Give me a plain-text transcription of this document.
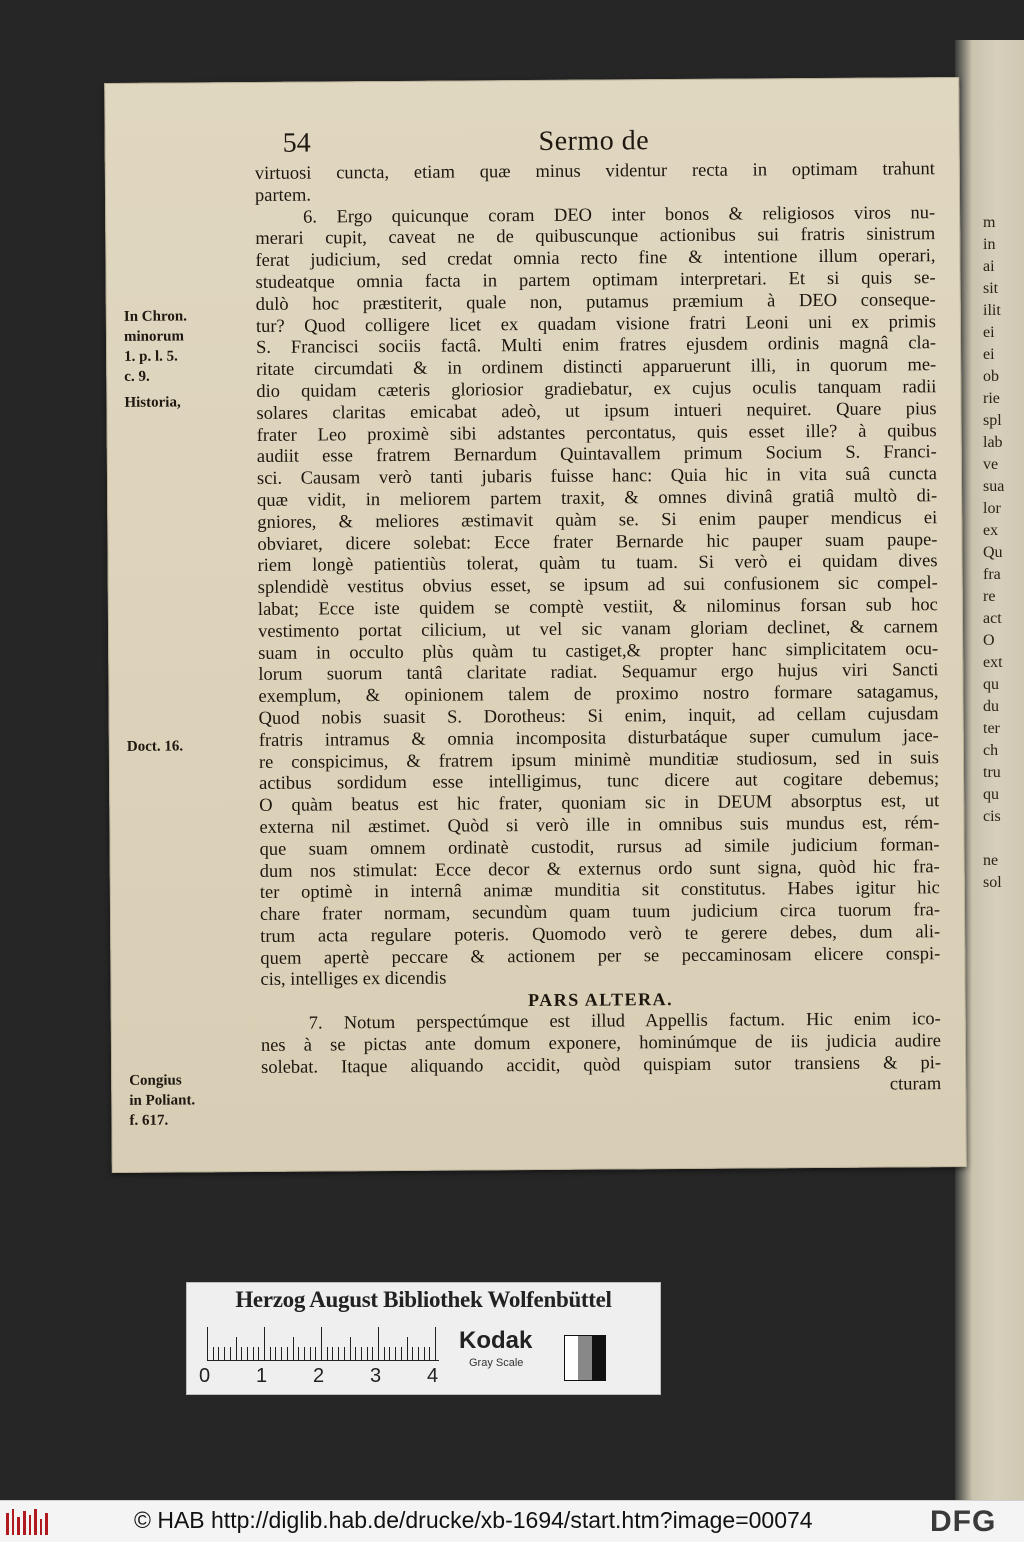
m
in
ai
sit
ilit
ei
ei
ob
rie
spl
lab
ve
sua
lor
ex
Qu
fra
re
act
O
ext
qu
du
ter
ch
tru
qu
cis
ne
sol
54	Sermo de
In Chron.
minorum
1. p. l. 5.
c. 9.
Historia,
Doct. 16.
Congius
in Poliant.
f. 617.
virtuosi cuncta, etiam quæ minus videntur recta in optimam trahunt
partem.
6. Ergo quicunque coram DEO inter bonos & religiosos viros nu-
merari cupit, caveat ne de quibuscunque actionibus sui fratris sinistrum
ferat judicium, sed credat omnia recto fine & intentione illum operari,
studeatque omnia facta in partem optimam interpretari. Et si quis se-
dulò hoc præstiterit, quale non, putamus præmium à DEO conseque-
tur? Quod colligere licet ex quadam visione fratri Leoni uni ex primis
S. Francisci sociis factâ. Multi enim fratres ejusdem ordinis magnâ cla-
ritate circumdati & in ordinem distincti apparuerunt illi, in quorum me-
dio quidam cæteris gloriosior gradiebatur, ex cujus oculis tanquam radii
solares claritas emicabat adeò, ut ipsum intueri nequiret. Quare pius
frater Leo proximè sibi adstantes percontatus, quis esset ille? à quibus
audiit esse fratrem Bernardum Quintavallem primum Socium S. Franci-
sci. Causam verò tanti jubaris fuisse hanc: Quia hic in vita suâ cuncta
quæ vidit, in meliorem partem traxit, & omnes divinâ gratiâ multò di-
gniores, & meliores æstimavit quàm se. Si enim pauper mendicus ei
obviaret, dicere solebat: Ecce frater Bernarde hic pauper suam paupe-
riem longè patientiùs tolerat, quàm tu tuam. Si verò ei quidam dives
splendidè vestitus obvius esset, se ipsum ad sui confusionem sic compel-
labat; Ecce iste quidem se comptè vestiit, & nilominus forsan sub hoc
vestimento portat cilicium, ut vel sic vanam gloriam declinet, & carnem
suam in occulto plùs quàm tu castiget,& propter hanc simplicitatem ocu-
lorum suorum tantâ claritate radiat. Sequamur ergo hujus viri Sancti
exemplum, & opinionem talem de proximo nostro formare satagamus,
Quod nobis suasit S. Dorotheus: Si enim, inquit, ad cellam cujusdam
fratris intramus & omnia incomposita disturbatáque super cumulum jace-
re conspicimus, & fratrem ipsum minimè munditiæ studiosum, sed in suis
actibus sordidum esse intelligimus, tunc dicere aut cogitare debemus;
O quàm beatus est hic frater, quoniam sic in DEUM absorptus est, ut
externa nil æstimet. Quòd si verò ille in omnibus suis mundus est, rém-
que suam omnem ordinatè custodit, rursus ad simile judicium forman-
dum nos stimulat: Ecce decor & externus ordo sunt signa, quòd hic fra-
ter optimè in internâ animæ munditia sit constitutus. Habes igitur hic
chare frater normam, secundùm quam tuum judicium circa tuorum fra-
trum acta regulare poteris. Quomodo verò te gerere debes, dum ali-
quem apertè peccare & actionem per se peccaminosam elicere conspi-
cis, intelliges ex dicendis
PARS ALTERA.
7. Notum perspectúmque est illud Appellis factum. Hic enim ico-
nes à se pictas ante domum exponere, hominúmque de iis judicia audire
solebat. Itaque aliquando accidit, quòd quispiam sutor transiens & pi-
cturam
Herzog August Bibliothek Wolfenbüttel
0 1 2 3 4
Kodak
Gray Scale
© HAB http://diglib.hab.de/drucke/xb-1694/start.htm?image=00074	DFG
